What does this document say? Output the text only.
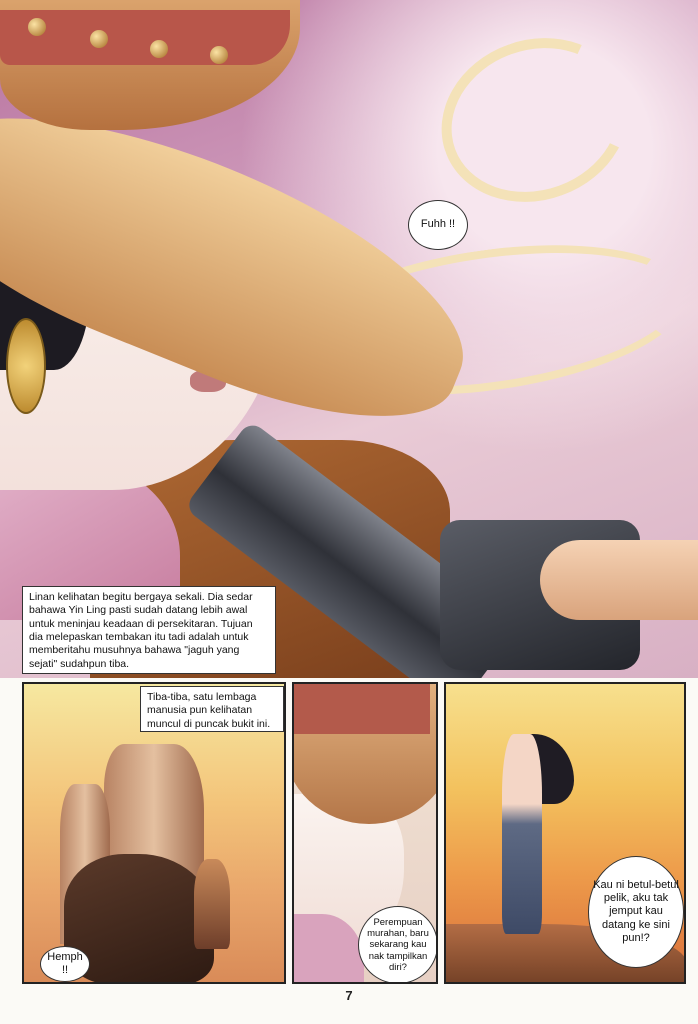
Fuhh !!
Linan kelihatan begitu bergaya sekali. Dia sedar bahawa Yin Ling pasti sudah datang lebih awal untuk meninjau keadaan di persekitaran. Tujuan dia melepaskan tembakan itu tadi adalah untuk memberitahu musuhnya bahawa "jaguh yang sejati" sudahpun tiba.
Tiba-tiba, satu lembaga manusia pun kelihatan muncul di puncak bukit ini.
Hemph !!
Perempuan murahan, baru sekarang kau nak tampilkan diri?
Kau ni betul-betul pelik, aku tak jemput kau datang ke sini pun!?
7
